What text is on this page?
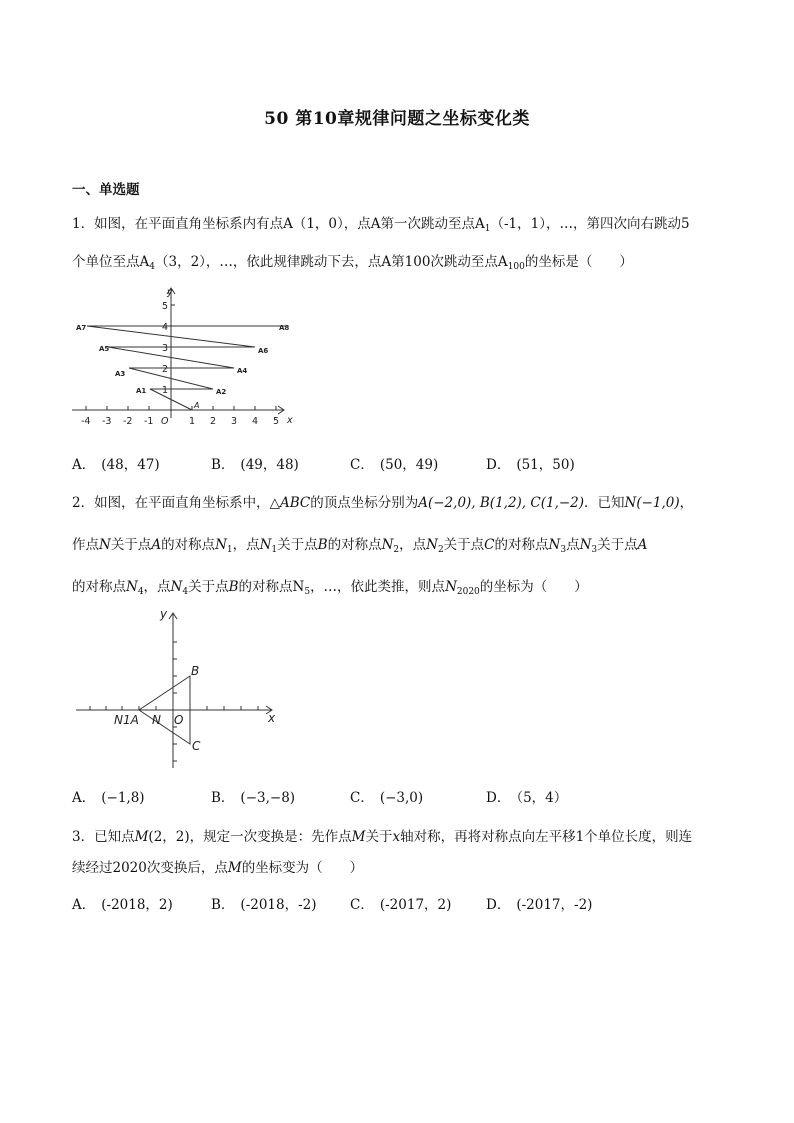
50 第10章规律问题之坐标变化类
一、单选题
1．如图，在平面直角坐标系内有点A（1，0），点A第一次跳动至点$A_1(-1$，1），…，第四次向右跳动5
个单位至点$A_4(3$，2），…，依此规律跳动下去，点A第100次跳动至点$A_{100}$的坐标是（　　）
y
x
O
-4 -3 -2 -1	1 2 3 4 5
1
2
3
4
5
A
A1	A2
A3	A4
A5	A6
A7	A8
A． (48，47)	B． (49，48)	C． (50，49)	D． (51，50)
2．如图，在平面直角坐标系中，△ABC的顶点坐标分别为A(−2,0), B(1,2), C(1,−2)．已知N(−1,0)，
作点N关于点A的对称点$N_1$，点$N_1$关于点B的对称点$N_2$，点$N_2$关于点C的对称点$N_3$点$N_3$关于点A
的对称点$N_4$，点$N_4$关于点B的对称点$N_5$，…，依此类推，则点$N_{2020}$的坐标为（　　）
y
x
B
C
N1A N O
A． (−1,8)	B． (−3,−8)	C． (−3,0)	D． （5，4）
3．已知点M(2，2)，规定一次变换是：先作点M关于x轴对称，再将对称点向左平移1个单位长度，则连
续经过2020次变换后，点M的坐标变为（　　）
A． (-2018，2)	B． (-2018，-2) C． (-2017，2)	D． (-2017，-2)
